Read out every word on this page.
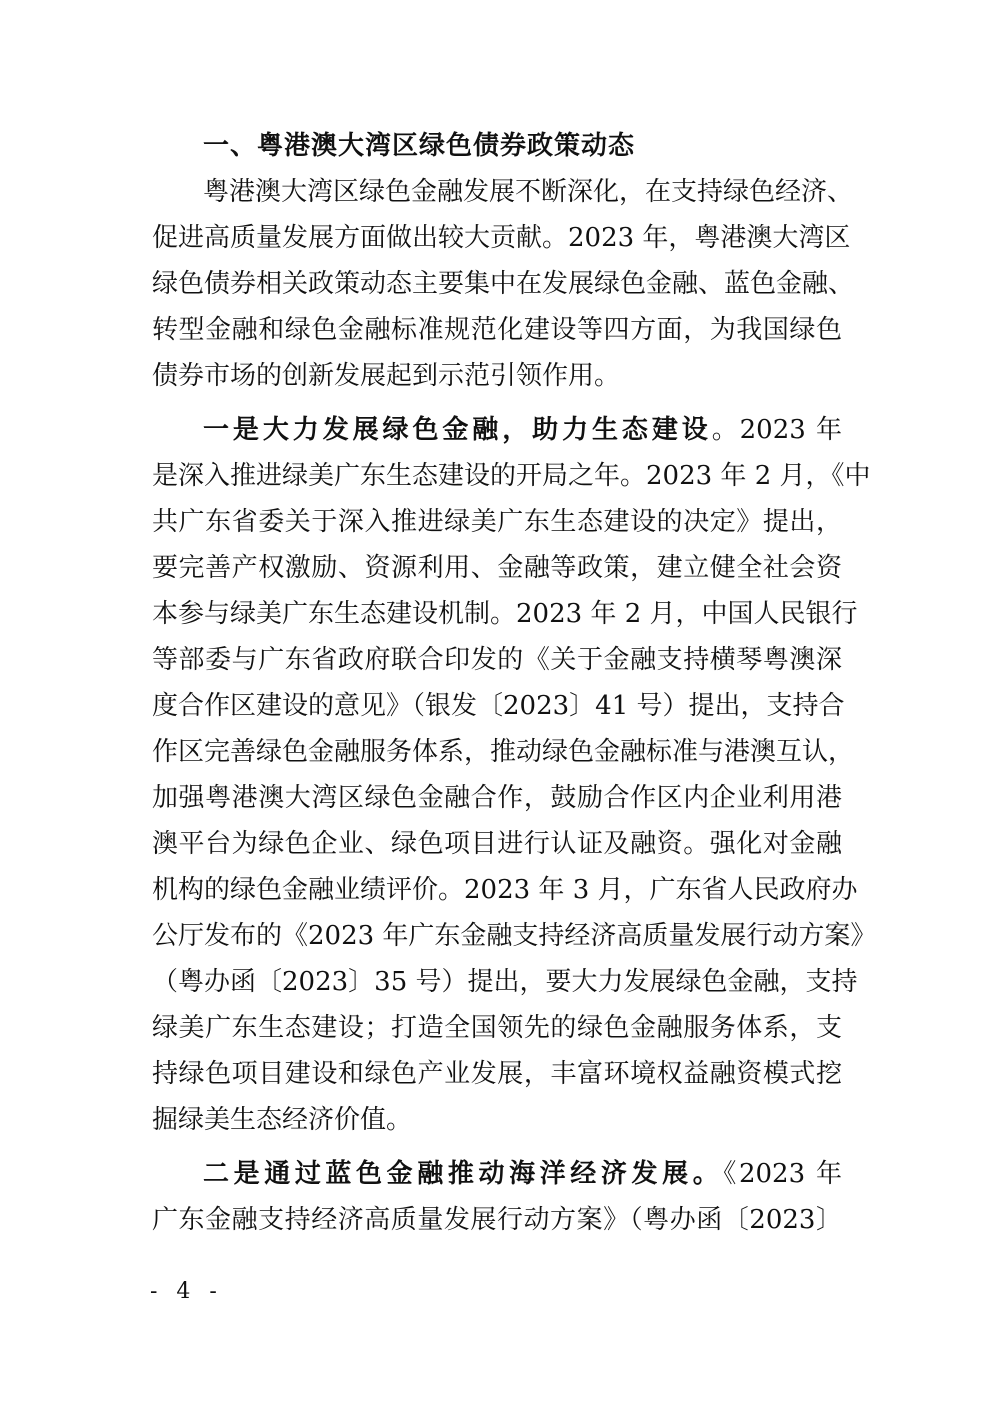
一、粤港澳大湾区绿色债券政策动态
粤港澳大湾区绿色金融发展不断深化，在支持绿色经济、
促进高质量发展方面做出较大贡献。2023 年，粤港澳大湾区
绿色债券相关政策动态主要集中在发展绿色金融、蓝色金融、
转型金融和绿色金融标准规范化建设等四方面，为我国绿色
债券市场的创新发展起到示范引领作用。
一是大力发展绿色金融，助力生态建设。2023 年
是深入推进绿美广东生态建设的开局之年。2023 年 2 月，《中
共广东省委关于深入推进绿美广东生态建设的决定》提出，
要完善产权激励、资源利用、金融等政策，建立健全社会资
本参与绿美广东生态建设机制。2023 年 2 月，中国人民银行
等部委与广东省政府联合印发的《关于金融支持横琴粤澳深
度合作区建设的意见》（银发〔2023〕41 号）提出，支持合
作区完善绿色金融服务体系，推动绿色金融标准与港澳互认，
加强粤港澳大湾区绿色金融合作，鼓励合作区内企业利用港
澳平台为绿色企业、绿色项目进行认证及融资。强化对金融
机构的绿色金融业绩评价。2023 年 3 月，广东省人民政府办
公厅发布的《2023 年广东金融支持经济高质量发展行动方案》
（粤办函〔2023〕35 号）提出，要大力发展绿色金融，支持
绿美广东生态建设；打造全国领先的绿色金融服务体系，支
持绿色项目建设和绿色产业发展，丰富环境权益融资模式挖
掘绿美生态经济价值。
二是通过蓝色金融推动海洋经济发展。《2023 年
广东金融支持经济高质量发展行动方案》（粤办函〔2023〕
- 4 -
